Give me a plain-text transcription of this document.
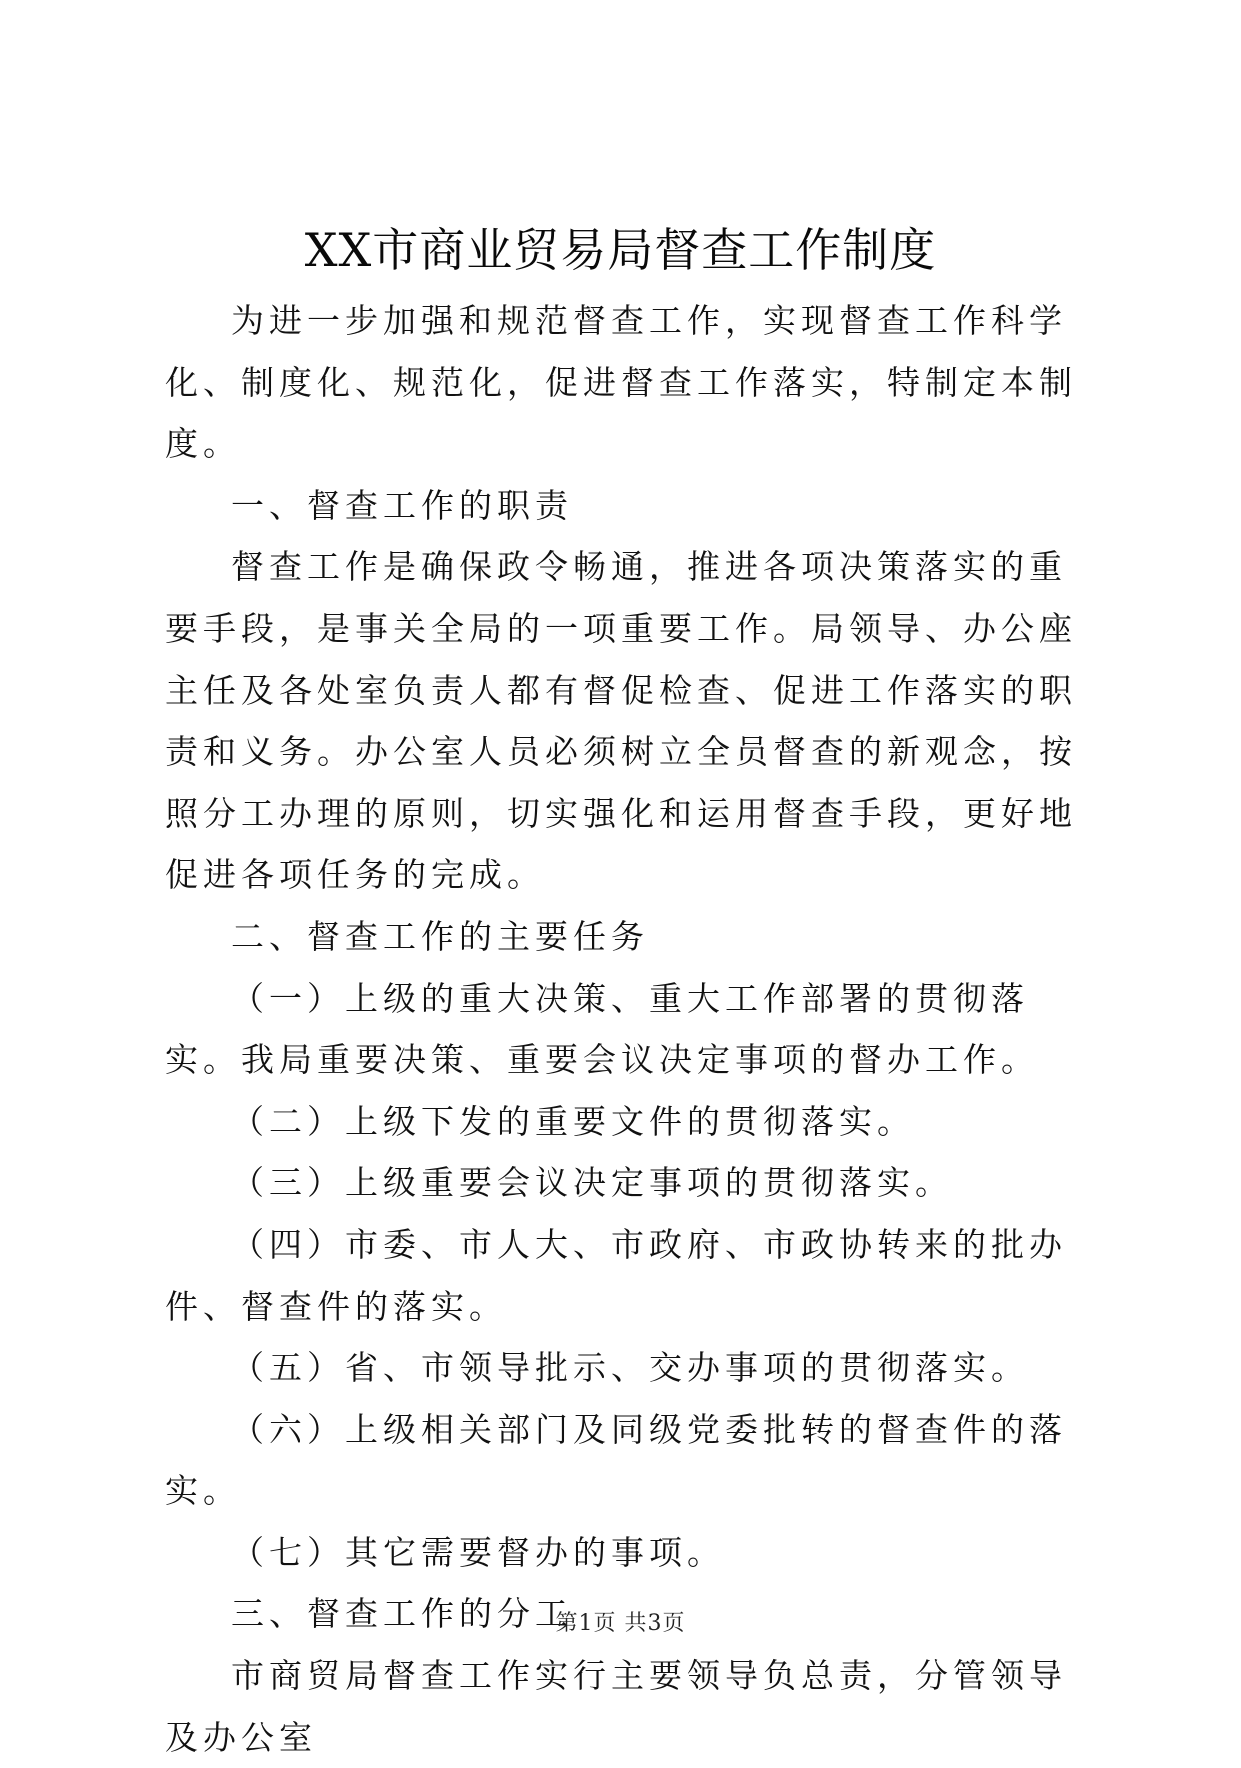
XX市商业贸易局督查工作制度

为进一步加强和规范督查工作，实现督查工作科学化、制度化、规范化，促进督查工作落实，特制定本制度。

一、督查工作的职责

督查工作是确保政令畅通，推进各项决策落实的重要手段，是事关全局的一项重要工作。局领导、办公座主任及各处室负责人都有督促检查、促进工作落实的职责和义务。办公室人员必须树立全员督查的新观念，按照分工办理的原则，切实强化和运用督查手段，更好地促进各项任务的完成。

二、督查工作的主要任务

（一）上级的重大决策、重大工作部署的贯彻落实。我局重要决策、重要会议决定事项的督办工作。

（二）上级下发的重要文件的贯彻落实。

（三）上级重要会议决定事项的贯彻落实。

（四）市委、市人大、市政府、市政协转来的批办件、督查件的落实。

（五）省、市领导批示、交办事项的贯彻落实。

（六）上级相关部门及同级党委批转的督查件的落实。

（七）其它需要督办的事项。

三、督查工作的分工

市商贸局督查工作实行主要领导负总责，分管领导及办公室

第1页 共3页
